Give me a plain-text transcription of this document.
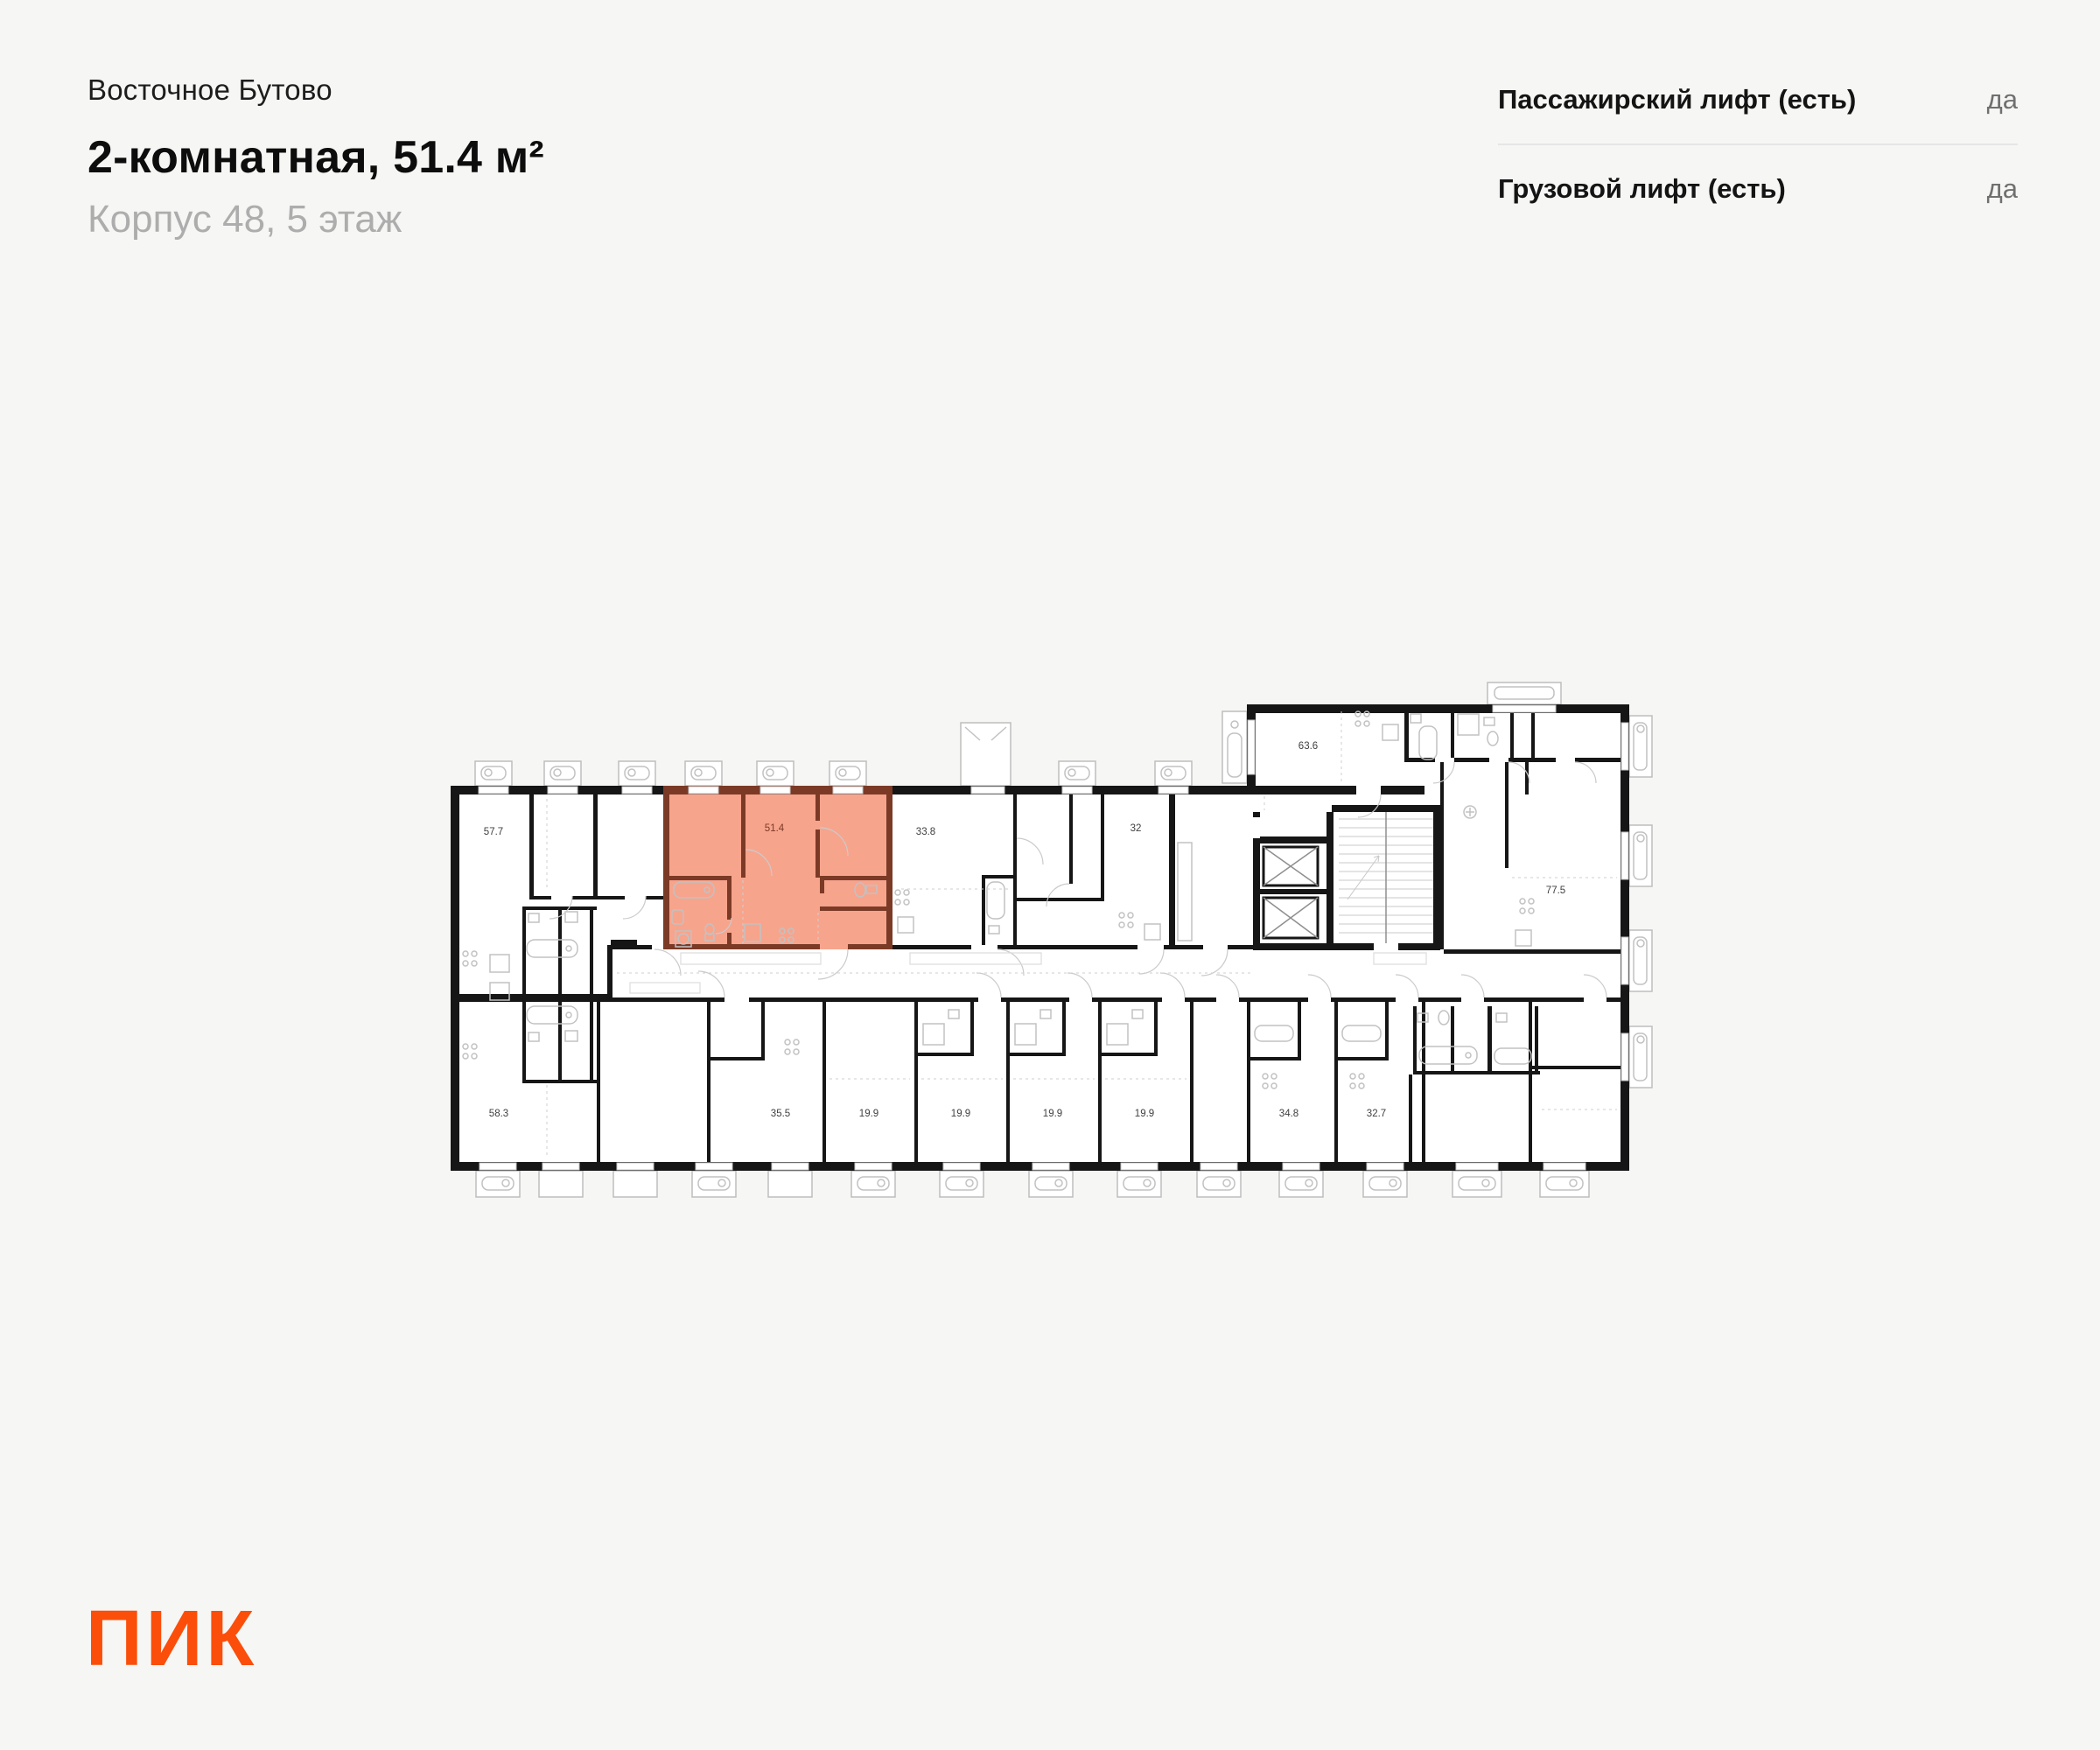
Восточное Бутово
2-комнатная, 51.4 м²
Корпус 48, 5 этаж
Пассажирский лифт (есть)	да
Грузовой лифт (есть)	да
57.7	51.4	33.8	32
63.6
77.5
58.3	35.5	19.9	19.9	19.9	19.9	34.8	32.7
ПИК
